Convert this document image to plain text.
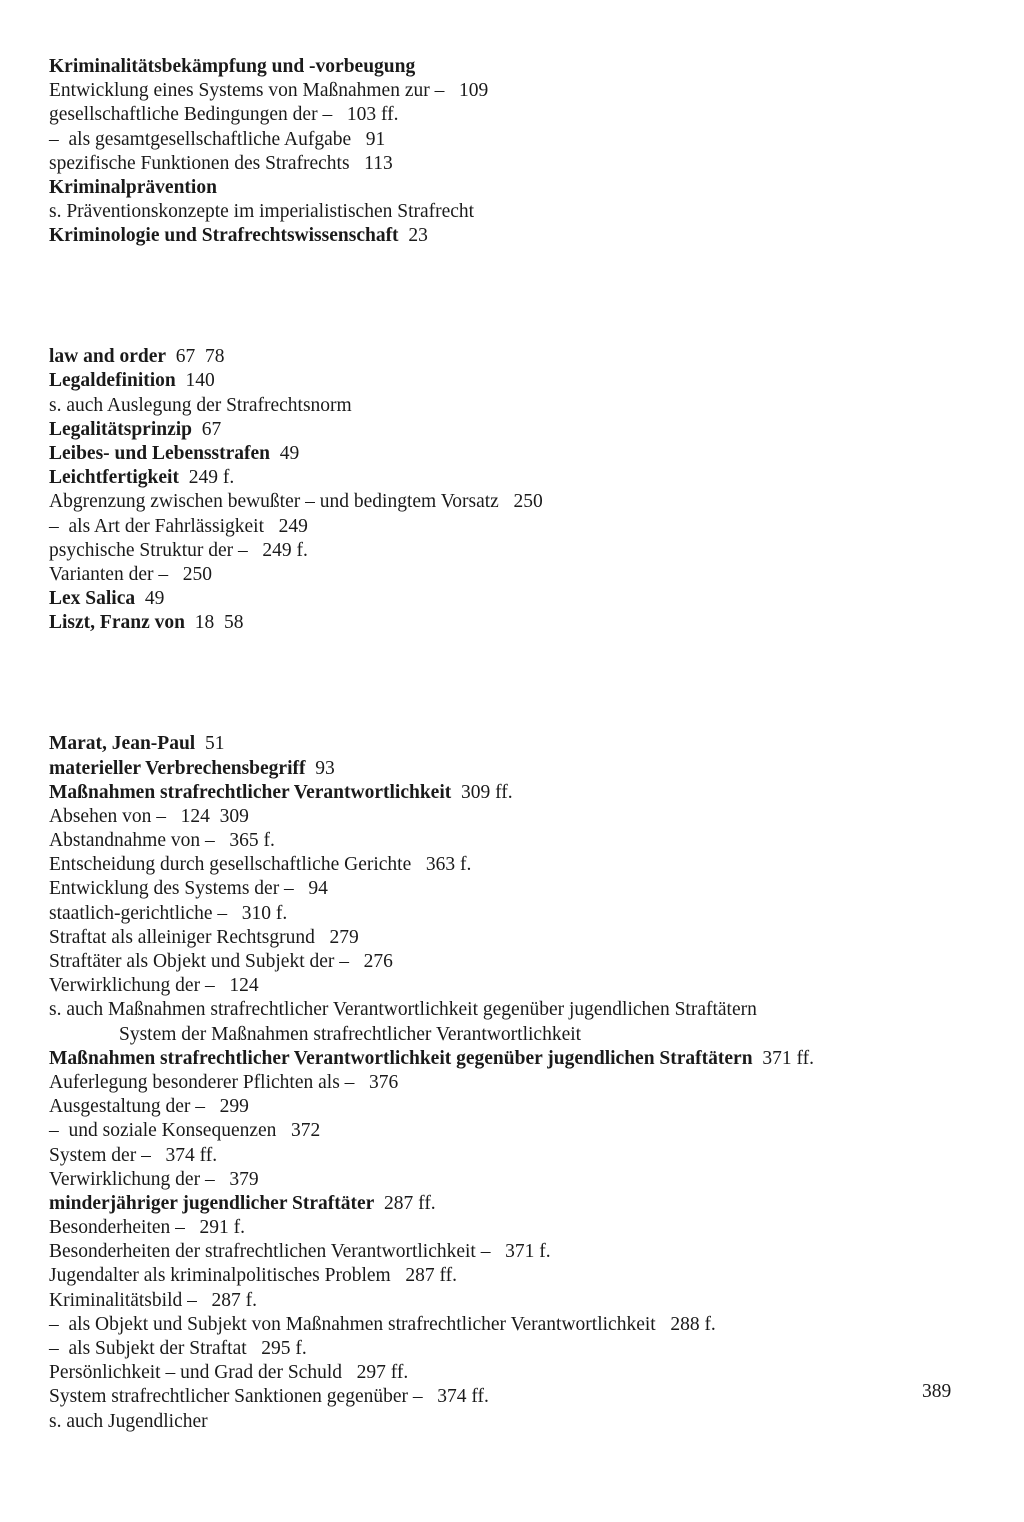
Kriminalitätsbekämpfung und -vorbeugung
Entwicklung eines Systems von Maßnahmen zur –   109
gesellschaftliche Bedingungen der –   103 ff.
–  als gesamtgesellschaftliche Aufgabe   91
spezifische Funktionen des Strafrechts   113
Kriminalprävention
s. Präventionskonzepte im imperialistischen Strafrecht
Kriminologie und Strafrechtswissenschaft  23
law and order  67  78
Legaldefinition  140
s. auch Auslegung der Strafrechtsnorm
Legalitätsprinzip  67
Leibes- und Lebensstrafen  49
Leichtfertigkeit  249 f.
Abgrenzung zwischen bewußter – und bedingtem Vorsatz   250
–  als Art der Fahrlässigkeit   249
psychische Struktur der –   249 f.
Varianten der –   250
Lex Salica  49
Liszt, Franz von  18  58
Marat, Jean-Paul  51
materieller Verbrechensbegriff  93
Maßnahmen strafrechtlicher Verantwortlichkeit  309 ff.
Absehen von –   124  309
Abstandnahme von –   365 f.
Entscheidung durch gesellschaftliche Gerichte   363 f.
Entwicklung des Systems der –   94
staatlich-gerichtliche –   310 f.
Straftat als alleiniger Rechtsgrund   279
Straftäter als Objekt und Subjekt der –   276
Verwirklichung der –   124
s. auch Maßnahmen strafrechtlicher Verantwortlichkeit gegenüber jugendlichen Straftätern
System der Maßnahmen strafrechtlicher Verantwortlichkeit
Maßnahmen strafrechtlicher Verantwortlichkeit gegenüber jugendlichen Straftätern  371 ff.
Auferlegung besonderer Pflichten als –   376
Ausgestaltung der –   299
–  und soziale Konsequenzen   372
System der –   374 ff.
Verwirklichung der –   379
minderjähriger jugendlicher Straftäter  287 ff.
Besonderheiten –   291 f.
Besonderheiten der strafrechtlichen Verantwortlichkeit –   371 f.
Jugendalter als kriminalpolitisches Problem   287 ff.
Kriminalitätsbild –   287 f.
–  als Objekt und Subjekt von Maßnahmen strafrechtlicher Verantwortlichkeit   288 f.
–  als Subjekt der Straftat   295 f.
Persönlichkeit – und Grad der Schuld   297 ff.
System strafrechtlicher Sanktionen gegenüber –   374 ff.
s. auch Jugendlicher
389
